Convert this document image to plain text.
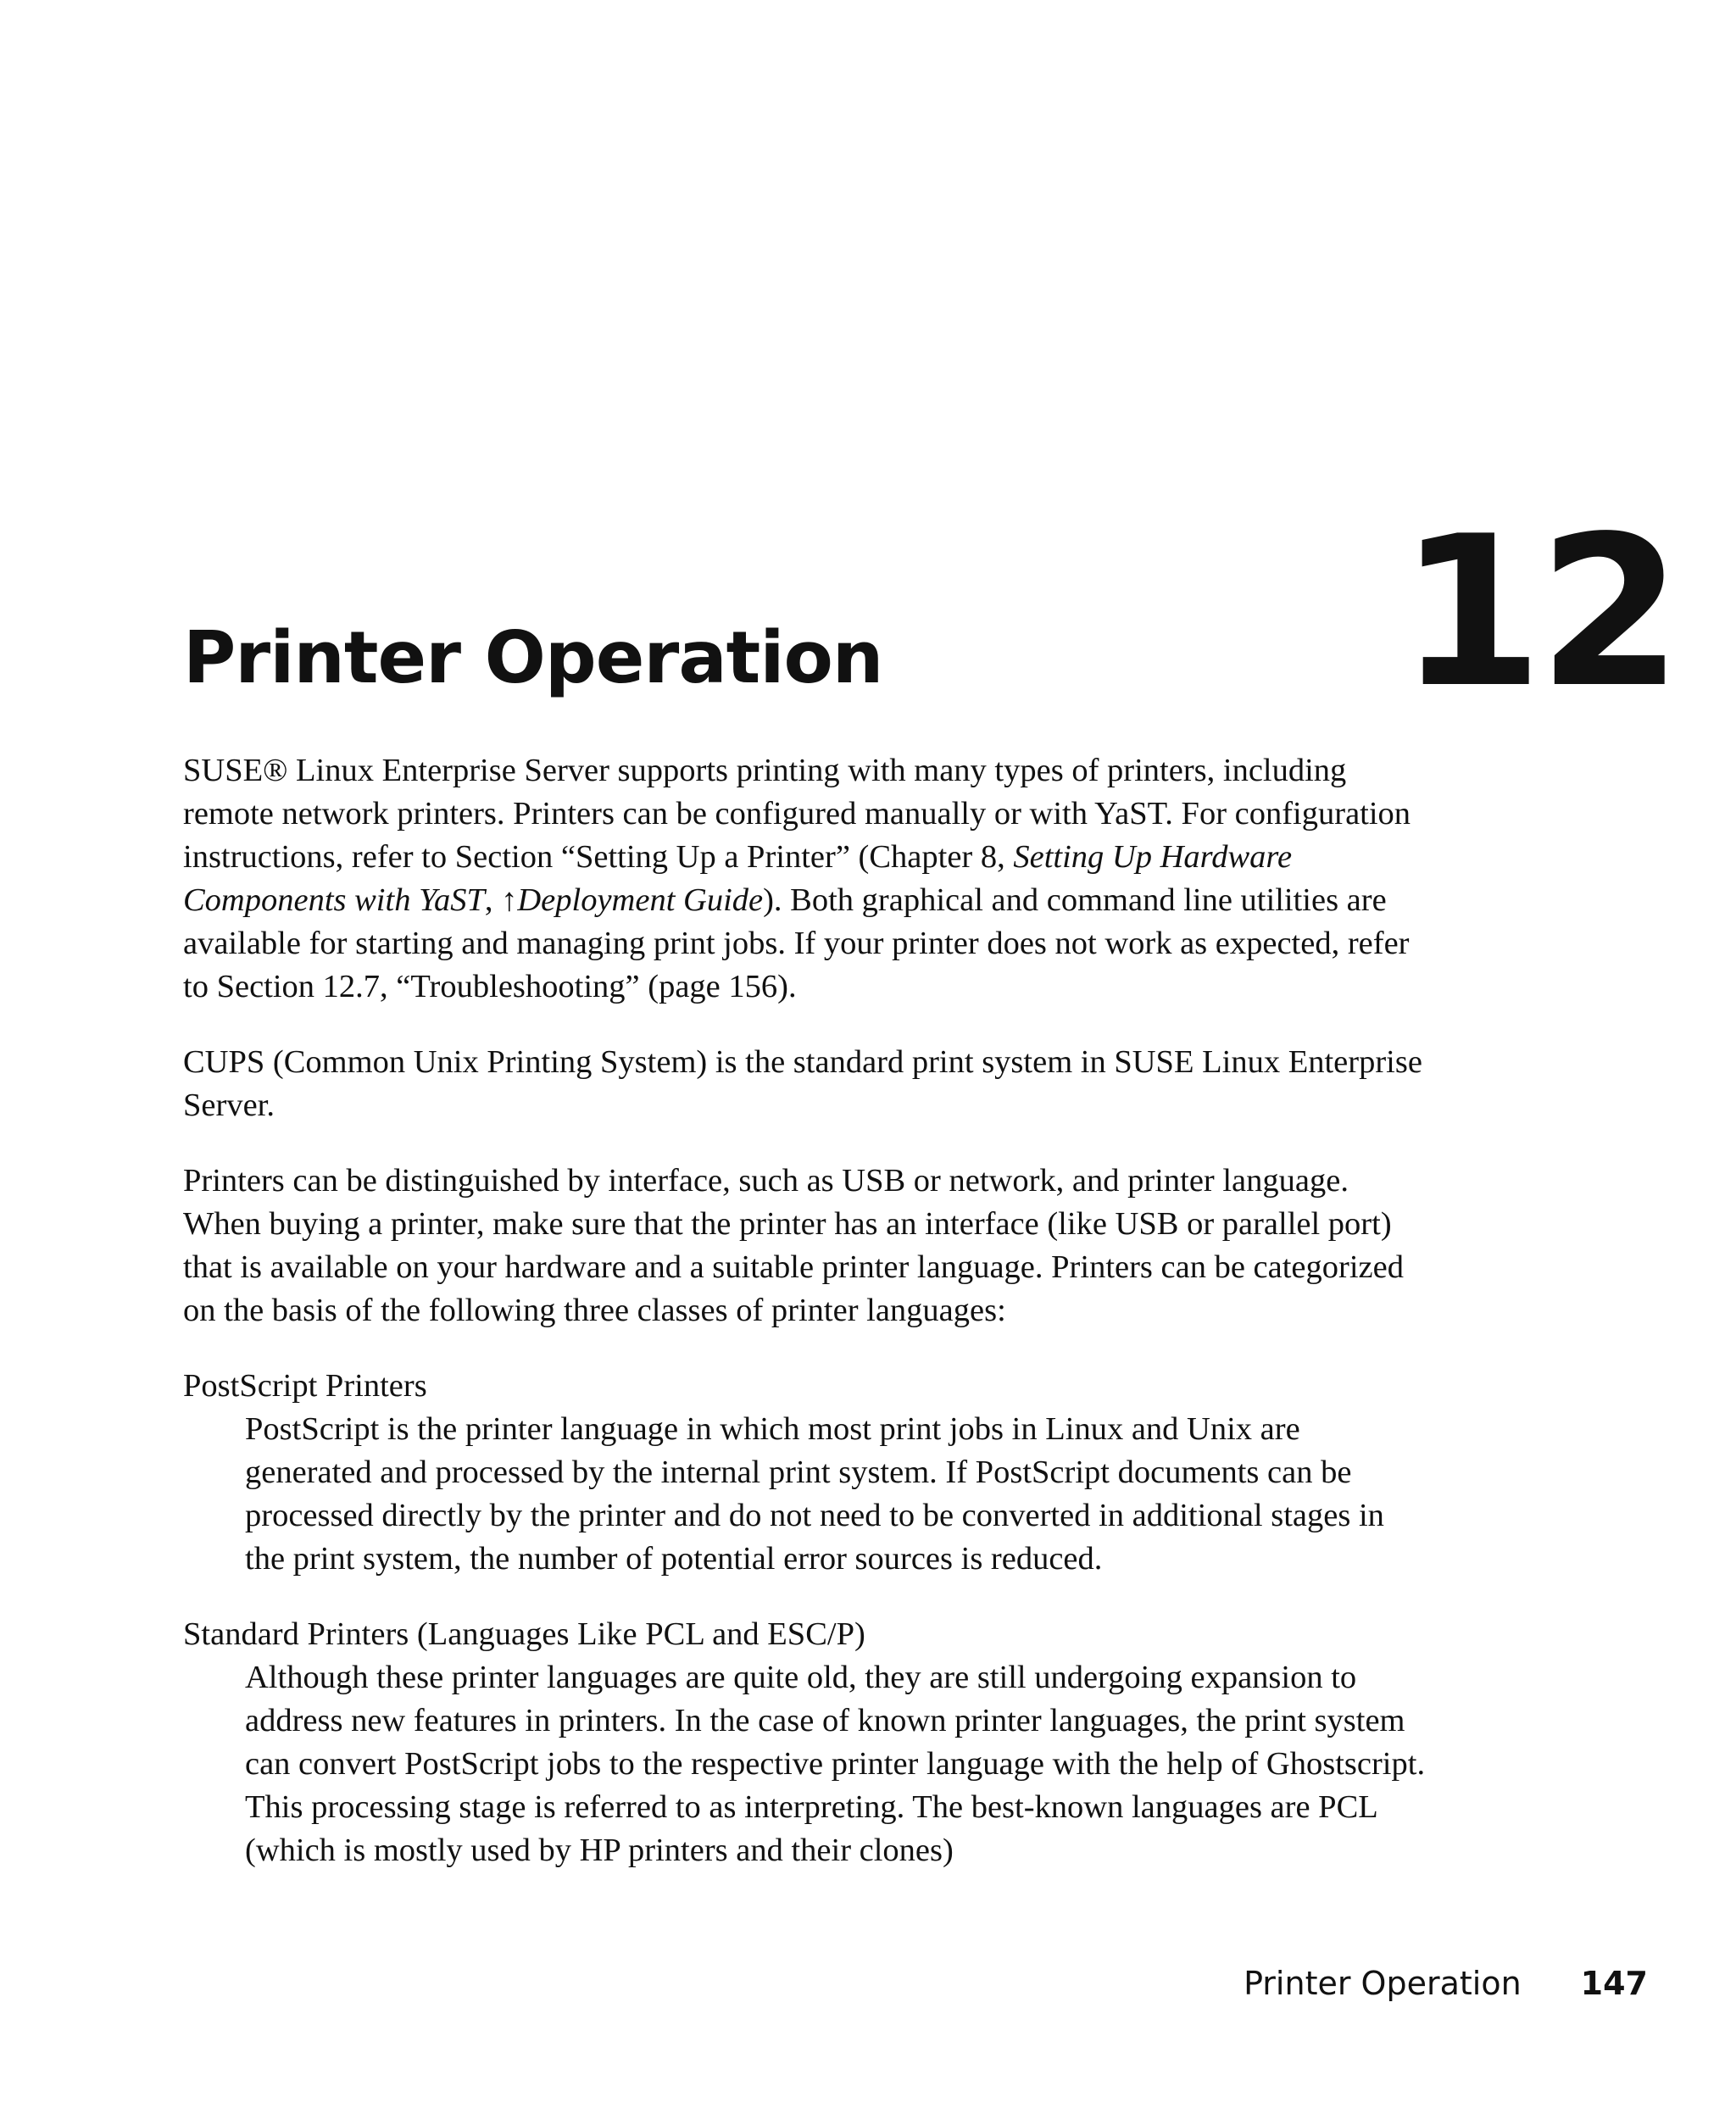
12
Printer Operation

SUSE® Linux Enterprise Server supports printing with many types of printers, including remote network printers. Printers can be configured manually or with YaST. For configuration instructions, refer to Section “Setting Up a Printer” (Chapter 8, Setting Up Hardware Components with YaST, ↑Deployment Guide). Both graphical and command line utilities are available for starting and managing print jobs. If your printer does not work as expected, refer to Section 12.7, “Troubleshooting” (page 156).

CUPS (Common Unix Printing System) is the standard print system in SUSE Linux Enterprise Server.

Printers can be distinguished by interface, such as USB or network, and printer language. When buying a printer, make sure that the printer has an interface (like USB or parallel port) that is available on your hardware and a suitable printer language. Printers can be categorized on the basis of the following three classes of printer languages:

PostScript Printers
PostScript is the printer language in which most print jobs in Linux and Unix are generated and processed by the internal print system. If PostScript documents can be processed directly by the printer and do not need to be converted in additional stages in the print system, the number of potential error sources is reduced.
Standard Printers (Languages Like PCL and ESC/P)
Although these printer languages are quite old, they are still undergoing expansion to address new features in printers. In the case of known printer languages, the print system can convert PostScript jobs to the respective printer language with the help of Ghostscript. This processing stage is referred to as interpreting. The best-known languages are PCL (which is mostly used by HP printers and their clones)
Printer Operation 147
